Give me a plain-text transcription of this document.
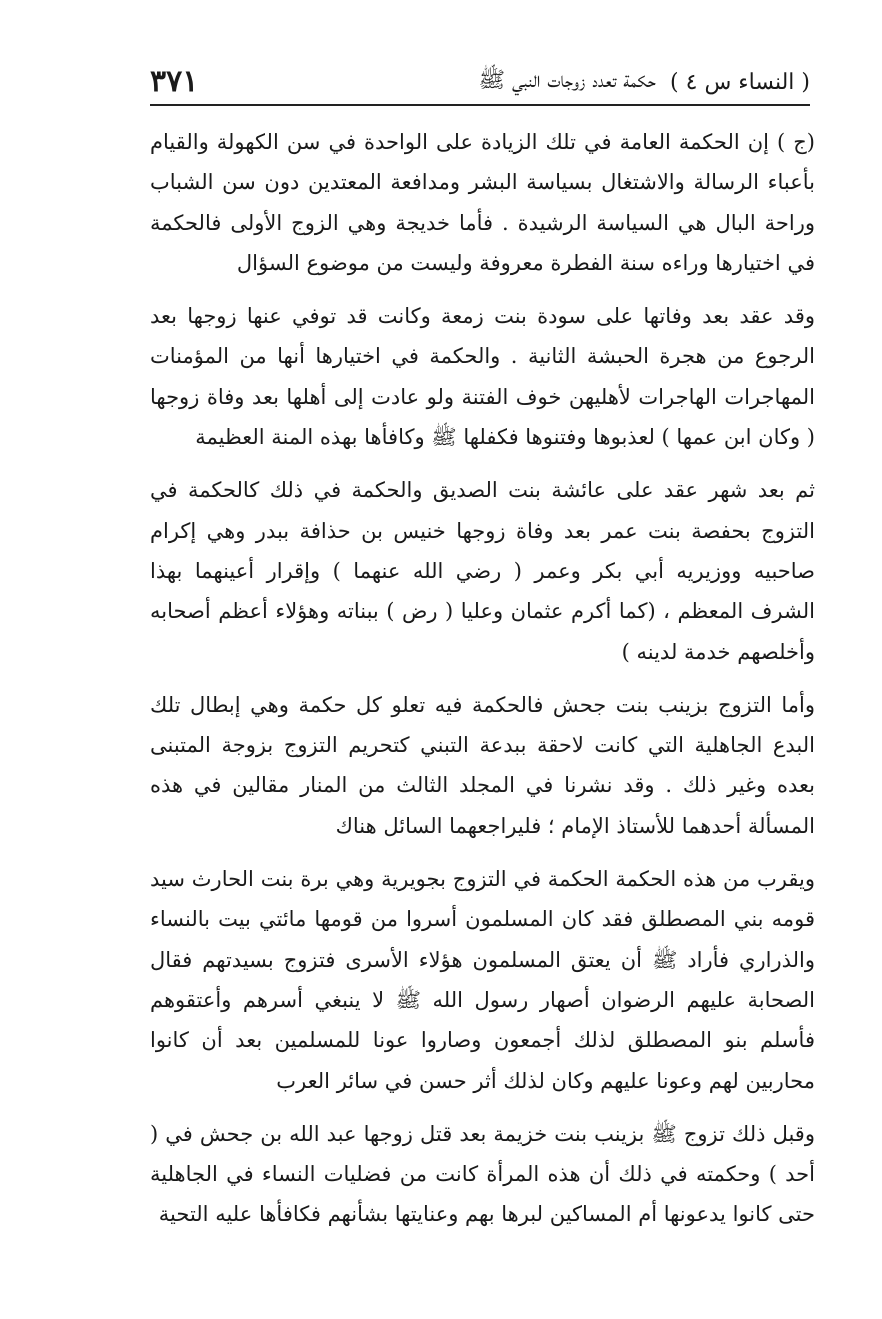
( النساء س ٤ )
حكمة تعدد زوجات النبي ﷺ
٣٧١

(ج ) إن الحكمة العامة في تلك الزيادة على الواحدة في سن الكهولة والقيام بأعباء الرسالة والاشتغال بسياسة البشر ومدافعة المعتدين دون سن الشباب وراحة البال هي السياسة الرشيدة . فأما خديجة وهي الزوج الأولى فالحكمة في اختيارها وراءه سنة الفطرة معروفة وليست من موضوع السؤال

وقد عقد بعد وفاتها على سودة بنت زمعة وكانت قد توفي عنها زوجها بعد الرجوع من هجرة الحبشة الثانية . والحكمة في اختيارها أنها من المؤمنات المهاجرات الهاجرات لأهليهن خوف الفتنة ولو عادت إلى أهلها بعد وفاة زوجها ( وكان ابن عمها ) لعذبوها وفتنوها فكفلها ﷺ وكافأها بهذه المنة العظيمة

ثم بعد شهر عقد على عائشة بنت الصديق والحكمة في ذلك كالحكمة في التزوج بحفصة بنت عمر بعد وفاة زوجها خنيس بن حذافة ببدر وهي إكرام صاحبيه ووزيريه أبي بكر وعمر ( رضي الله عنهما ) وإقرار أعينهما بهذا الشرف المعظم ، (كما أكرم عثمان وعليا ( رض ) ببناته وهؤلاء أعظم أصحابه وأخلصهم خدمة لدينه )

وأما التزوج بزينب بنت جحش فالحكمة فيه تعلو كل حكمة وهي إبطال تلك البدع الجاهلية التي كانت لاحقة ببدعة التبني كتحريم التزوج بزوجة المتبنى بعده وغير ذلك . وقد نشرنا في المجلد الثالث من المنار مقالين في هذه المسألة أحدهما للأستاذ الإمام ؛ فليراجعهما السائل هناك

ويقرب من هذه الحكمة الحكمة في التزوج بجويرية وهي برة بنت الحارث سيد قومه بني المصطلق فقد كان المسلمون أسروا من قومها مائتي بيت بالنساء والذراري فأراد ﷺ أن يعتق المسلمون هؤلاء الأسرى فتزوج بسيدتهم فقال الصحابة عليهم الرضوان أصهار رسول الله ﷺ لا ينبغي أسرهم وأعتقوهم فأسلم بنو المصطلق لذلك أجمعون وصاروا عونا للمسلمين بعد أن كانوا محاربين لهم وعونا عليهم وكان لذلك أثر حسن في سائر العرب

وقبل ذلك تزوج ﷺ بزينب بنت خزيمة بعد قتل زوجها عبد الله بن جحش في ( أحد ) وحكمته في ذلك أن هذه المرأة كانت من فضليات النساء في الجاهلية حتى كانوا يدعونها أم المساكين لبرها بهم وعنايتها بشأنهم فكافأها عليه التحية
